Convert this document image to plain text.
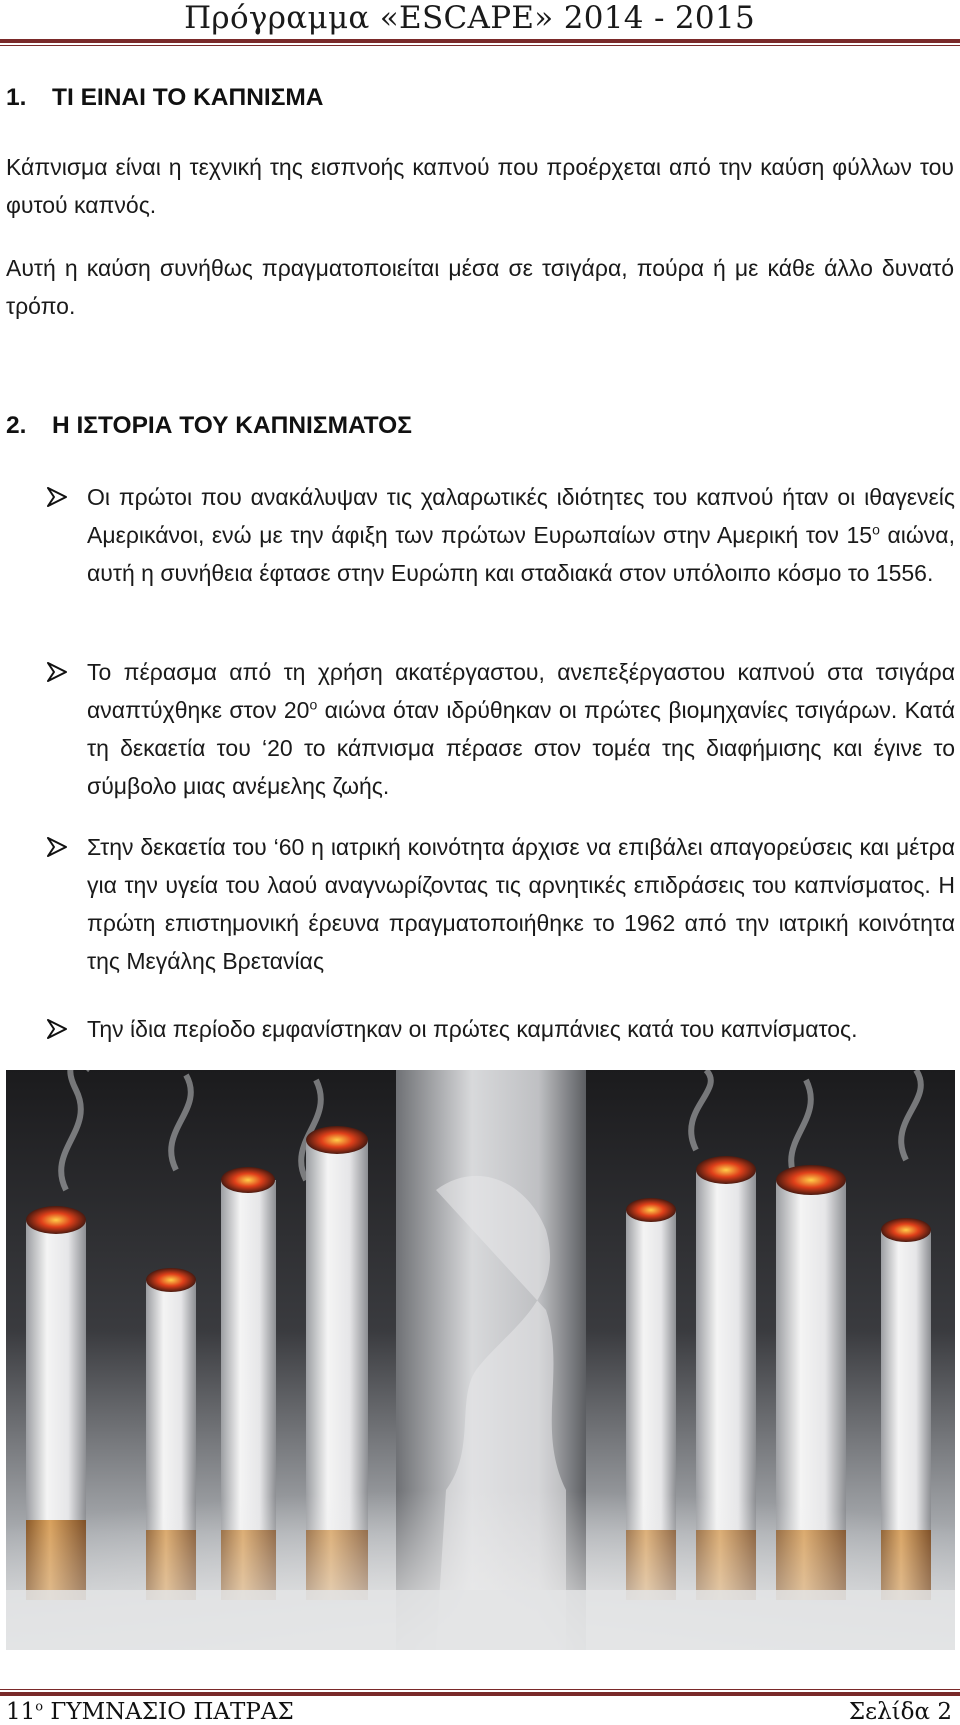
Πρόγραμμα «ESCAPE» 2014 - 2015
1. ΤΙ ΕΙΝΑΙ ΤΟ ΚΑΠΝΙΣΜΑ
Κάπνισμα είναι η τεχνική της εισπνοής καπνού που προέρχεται από την καύση φύλλων του φυτού καπνός.
Αυτή η καύση συνήθως πραγματοποιείται μέσα σε τσιγάρα, πούρα ή με κάθε άλλο δυνατό τρόπο.
2. Η ΙΣΤΟΡΙΑ ΤΟΥ ΚΑΠΝΙΣΜΑΤΟΣ
Οι πρώτοι που ανακάλυψαν τις χαλαρωτικές ιδιότητες του καπνού ήταν οι ιθαγενείς Αμερικάνοι, ενώ με την άφιξη των πρώτων Ευρωπαίων στην Αμερική τον $15^o$ αιώνα, αυτή η συνήθεια έφτασε στην Ευρώπη και σταδιακά στον υπόλοιπο κόσμο το 1556.
Το πέρασμα από τη χρήση ακατέργαστου, ανεπεξέργαστου καπνού στα τσιγάρα αναπτύχθηκε στον $20^o$ αιώνα όταν ιδρύθηκαν οι πρώτες βιομηχανίες τσιγάρων. Κατά τη δεκαετία του ‘20 το κάπνισμα πέρασε στον τομέα της διαφήμισης και έγινε το σύμβολο μιας ανέμελης ζωής.
Στην δεκαετία του ‘60 η ιατρική κοινότητα άρχισε να επιβάλει απαγορεύσεις και μέτρα για την υγεία του λαού αναγνωρίζοντας τις αρνητικές επιδράσεις του καπνίσματος. Η πρώτη επιστημονική έρευνα πραγματοποιήθηκε το 1962 από την ιατρική κοινότητα της Μεγάλης Βρετανίας
Την ίδια περίοδο εμφανίστηκαν οι πρώτες καμπάνιες κατά του καπνίσματος.
$11^o$ ΓΥΜΝΑΣΙΟ ΠΑΤΡΑΣ	Σελίδα 2
